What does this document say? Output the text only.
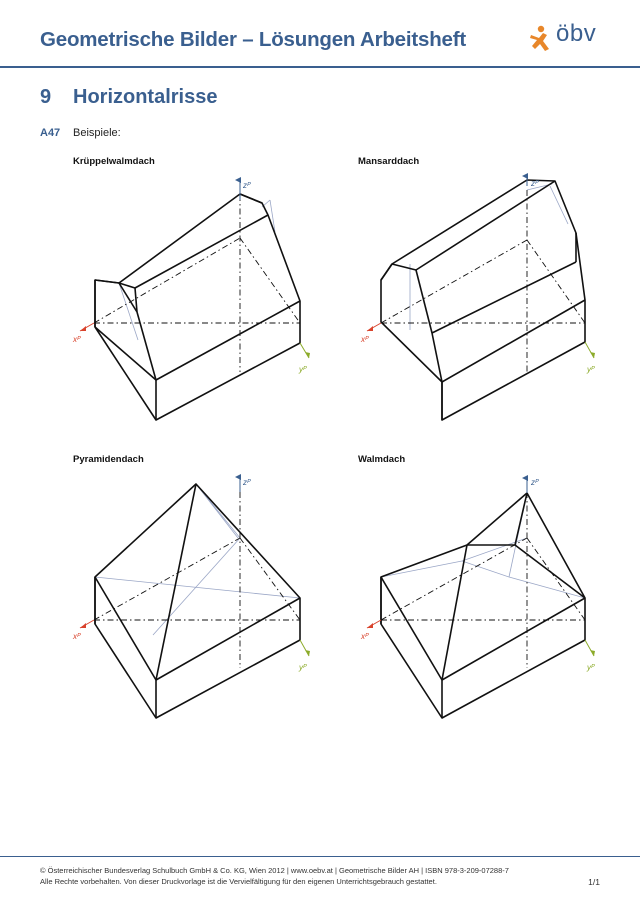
Geometrische Bilder – Lösungen Arbeitsheft	öbv
9 Horizontalrisse
A47 Beispiele:
Krüppelwalmdach	Mansarddach
Pyramidendach	Walmdach
zᴾ
xᴾ
yᴾ
zᴾ
xᴾ
yᴾ
zᴾ
xᴾ
yᴾ
zᴾ
xᴾ
yᴾ
© Österreichischer Bundesverlag Schulbuch GmbH & Co. KG, Wien 2012 | www.oebv.at | Geometrische Bilder AH | ISBN 978-3-209-07288-7
Alle Rechte vorbehalten. Von dieser Druckvorlage ist die Vervielfältigung für den eigenen Unterrichtsgebrauch gestattet.	1/1
